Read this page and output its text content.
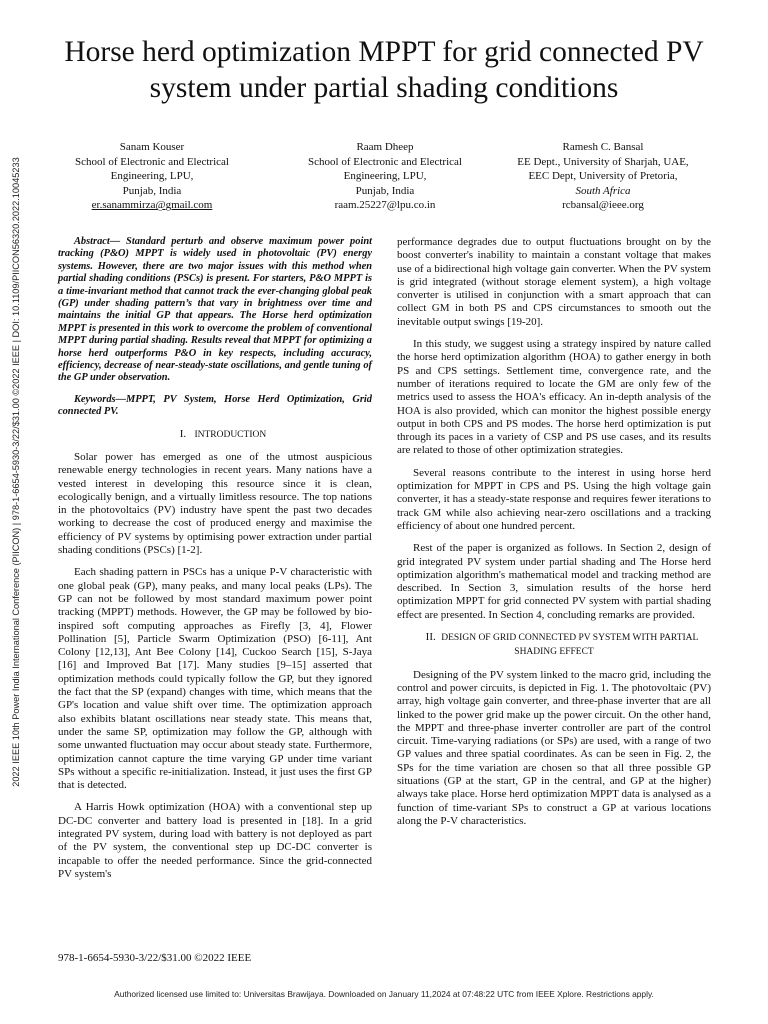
2022 IEEE 10th Power India International Conference (PIICON) | 978-1-6654-5930-3/22/$31.00 ©2022 IEEE | DOI: 10.1109/PIICON56320.2022.10045233
Horse herd optimization MPPT for grid connected PV system under partial shading conditions
Sanam Kouser
School of Electronic and Electrical
Engineering, LPU,
Punjab, India
er.sanammirza@gmail.com
Raam Dheep
School of Electronic and Electrical
Engineering, LPU,
Punjab, India
raam.25227@lpu.co.in
Ramesh C. Bansal
EE Dept., University of Sharjah, UAE,
EEC Dept, University of Pretoria,
South Africa
rcbansal@ieee.org

Abstract— Standard perturb and observe maximum power point tracking (P&O) MPPT is widely used in photovoltaic (PV) energy systems. However, there are two major issues with this method when partial shading conditions (PSCs) is present. For starters, P&O MPPT is a time-invariant method that cannot track the ever-changing global peak (GP) under shading pattern’s that vary in brightness over time and maintains the initial GP that appears. The Horse herd optimization MPPT is presented in this work to overcome the problem of conventional MPPT during partial shading. Results reveal that MPPT for optimizing a horse herd outperforms P&O in key respects, including accuracy, efficiency, decrease of near-steady-state oscillations, and gentle tuning of the GP under observation.

Keywords—MPPT, PV System, Horse Herd Optimization, Grid connected PV.

I. INTRODUCTION

Solar power has emerged as one of the utmost auspicious renewable energy technologies in recent years. Many nations have a vested interest in developing this resource since it is clean, ecologically benign, and a virtually limitless resource. The top nations in the photovoltaics (PV) industry have spent the past two decades working to decrease the cost of produced energy and maximise the efficiency of PV systems by optimising power extraction under partial shading conditions (PSCs) [1-2].

Each shading pattern in PSCs has a unique P-V characteristic with one global peak (GP), many peaks, and many local peaks (LPs). The GP can not be followed by most standard maximum power point tracking (MPPT) methods. However, the GP may be followed by bio-inspired soft computing approaches as Firefly [3, 4], Flower Pollination [5], Particle Swarm Optimization (PSO) [6-11], Ant Colony [12,13], Ant Bee Colony [14], Cuckoo Search [15], S-Jaya [16] and Improved Bat [17]. Many studies [9–15] asserted that optimization methods could typically follow the GP, but they ignored the fact that the SP (expand) changes with time, which means that the GP's location and value shift over time. The optimization approach also exhibits blatant oscillations near steady state. This means that, under the same SP, optimization may follow the GP, although with some unwanted fluctuation may occur about steady state. Furthermore, optimization cannot capture the time varying GP under time variant SPs without a specific re-initialization. Instead, it just uses the first GP that is detected.

A Harris Howk optimization (HOA) with a conventional step up DC-DC converter and battery load is presented in [18]. In a grid integrated PV system, during load with battery is not deployed as part of the PV system, the conventional step up DC-DC converter is incapable to offer the needed performance. Since the grid-connected PV system's

performance degrades due to output fluctuations brought on by the boost converter's inability to maintain a constant voltage that makes use of a bidirectional high voltage gain converter. When the PV system is grid integrated (without storage element system), a high voltage converter is utilised in conjunction with a smart approach that can collect GM in both PS and CPS circumstances to smooth out the inevitable output swings [19-20].

In this study, we suggest using a strategy inspired by nature called the horse herd optimization algorithm (HOA) to gather energy in both PS and CPS settings. Settlement time, convergence rate, and the number of iterations required to locate the GM are only few of the metrics used to assess the HOA's efficacy. An in-depth analysis of the HOA is also provided, which can monitor the highest possible energy output in both CPS and PS modes. The horse herd optimization is put through its paces in a variety of CSP and PS use cases, and its results are related to those of other optimization strategies.

Several reasons contribute to the interest in using horse herd optimization for MPPT in CPS and PS. Using the high voltage gain converter, it has a steady-state response and requires fewer iterations to track GM while also achieving near-zero oscillations and a tracking efficiency of about one hundred percent.

Rest of the paper is organized as follows. In Section 2, design of grid integrated PV system under partial shading and The Horse herd optimization algorithm's mathematical model and tracking method are described. In Section 3, simulation results of the horse herd optimization MPPT for grid connected PV system with partial shading effect are presented. In Section 4, concluding remarks are provided.

II. DESIGN OF GRID CONNECTED PV SYSTEM WITH PARTIAL
SHADING EFFECT

Designing of the PV system linked to the macro grid, including the control and power circuits, is depicted in Fig. 1. The photovoltaic (PV) array, high voltage gain converter, and three-phase inverter that are all linked to the power grid make up the power circuit. On the other hand, the MPPT and three-phase inverter controller are part of the control circuit. Time-varying radiations (or SPs) are used, with a range of two GP values and three spatial coordinates. As can be seen in Fig. 2, the SPs for the time variation are chosen so that all three possible GP situations (GP at the start, GP in the central, and GP at the higher) always take place. Horse herd optimization MPPT data is analysed as a function of time-variant SPs to construct a GP at various locations along the P-V characteristics.

978-1-6654-5930-3/22/$31.00 ©2022 IEEE
Authorized licensed use limited to: Universitas Brawijaya. Downloaded on January 11,2024 at 07:48:22 UTC from IEEE Xplore. Restrictions apply.
